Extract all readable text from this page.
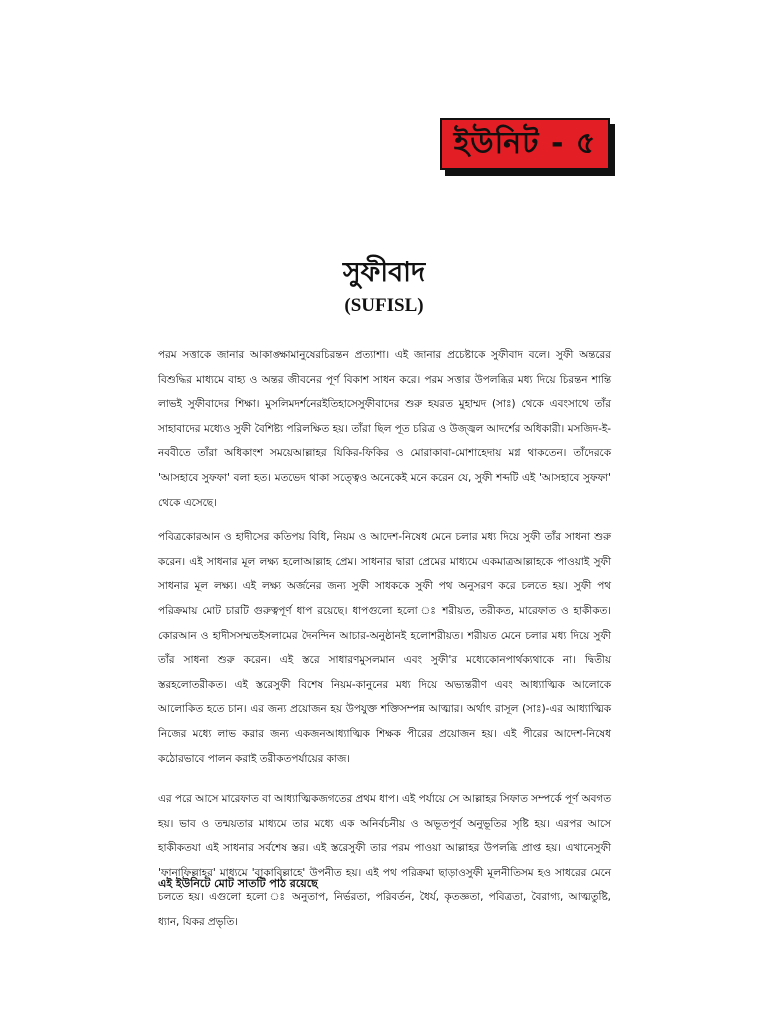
ইউনিট - ৫
সুফীবাদ
(SUFISL)

পরম সত্তাকে জানার আকাঙ্ক্ষামানুষেরচিরন্তন প্রত্যাশা। এই জানার প্রচেষ্টাকে সুফীবাদ বলে। সুফী অন্তরের বিশুদ্ধির মাধ্যমে বাহ্য ও অন্তর জীবনের পূর্ণ বিকাশ সাধন করে। পরম সত্তার উপলব্ধির মধ্য দিয়ে চিরন্তন শান্তি লাভই সুফীবাদের শিক্ষা। মুসলিমদর্শনেরইতিহাসেসুফীবাদের শুরু হযরত মুহাম্মদ (সাঃ) থেকে এবংসাথে তাঁর সাহাবাদের মধ্যেও সুফী বৈশিষ্ট্য পরিলক্ষিত হয়। তাঁরা ছিল পূত চরিত্র ও উজ্জ্বল আদর্শের অধিকারী। মসজিদ-ই-নববীতে তাঁরা অধিকাংশ সময়েআল্লাহর যিকির-ফিকির ও মোরাকাবা-মোশাহেদায় মগ্ন থাকতেন। তাঁদেরকে 'আসহাবে সুফফা' বলা হত। মতভেদ থাকা সত্ত্বেও অনেকেই মনে করেন যে, সুফী শব্দটি এই 'আসহাবে সুফফা' থেকে এসেছে।

পবিত্রকোরআন ও হাদীসের কতিপয় বিধি, নিয়ম ও আদেশ-নিষেধ মেনে চলার মধ্য দিয়ে সুফী তাঁর সাধনা শুরু করেন। এই সাধনার মূল লক্ষ্য হলোআল্লাহ প্রেম। সাধনার দ্বারা প্রেমের মাধ্যমে একমাত্রআল্লাহকে পাওয়াই সুফী সাধনার মূল লক্ষ্য। এই লক্ষ্য অর্জনের জন্য সুফী সাধককে সুফী পথ অনুসরণ করে চলতে হয়। সুফী পথ পরিক্রমায় মোট চারটি গুরুত্বপূর্ণ ধাপ রয়েছে। ধাপগুলো হলো ঃ শরীয়ত, তরীকত, মারেফাত ও হাকীকত। কোরআন ও হাদীসসম্মতইসলামের দৈনন্দিন আচার-অনুষ্ঠানই হলোশরীয়ত। শরীয়ত মেনে চলার মধ্য দিয়ে সুফী তাঁর সাধনা শুরু করেন। এই স্তরে সাধারণমুসলমান এবং সুফী'র মধ্যেকোনপার্থক্যথাকে না। দ্বিতীয় স্তরহলোতরীকত। এই স্তরেসুফী বিশেষ নিয়ম-কানুনের মধ্য দিয়ে অভ্যন্তরীণ এবং আধ্যাত্মিক আলোকে আলোকিত হতে চান। এর জন্য প্রয়োজন হয় উপযুক্ত শক্তিসম্পন্ন আত্মার। অর্থাৎ রাসূল (সাঃ)-এর আধ্যাত্মিক নিজের মধ্যে লাভ করার জন্য একজনআধ্যাত্মিক শিক্ষক পীরের প্রয়োজন হয়। এই পীরের আদেশ-নিষেধ কঠোরভাবে পালন করাই তরীকতপর্যায়ের কাজ।

এর পরে আসে মারেফাত বা আধ্যাত্মিকজগতের প্রথম ধাপ। এই পর্যায়ে সে আল্লাহর সিফাত সম্পর্কে পূর্ণ অবগত হয়। ভাব ও তন্ময়তার মাধ্যমে তার মধ্যে এক অনির্বচনীয় ও অভূতপূর্ব অনুভূতির সৃষ্টি হয়। এরপর আসে হাকীকতযা এই সাধনার সর্বশেষ স্তর। এই স্তরেসুফী তার পরম পাওয়া আল্লাহর উপলব্ধি প্রাপ্ত হয়। এখানেসুফী 'ফানাফিল্লাহর' মাধ্যমে 'বাকাবিল্লাহে' উপনীত হয়। এই পথ পরিক্রমা ছাড়াওসুফী মূলনীতিসম হও সাধরের মেনে চলতে হয়। এগুলো হলো ঃ অনুতাপ, নির্ভরতা, পরিবর্তন, ধৈর্য, কৃতজ্ঞতা, পবিত্রতা, বৈরাগ্য, আত্মতুষ্টি, ধ্যান, যিকর প্রভৃতি।

এই ইউনিটে মোট সাতটি পাঠ রয়েছে
